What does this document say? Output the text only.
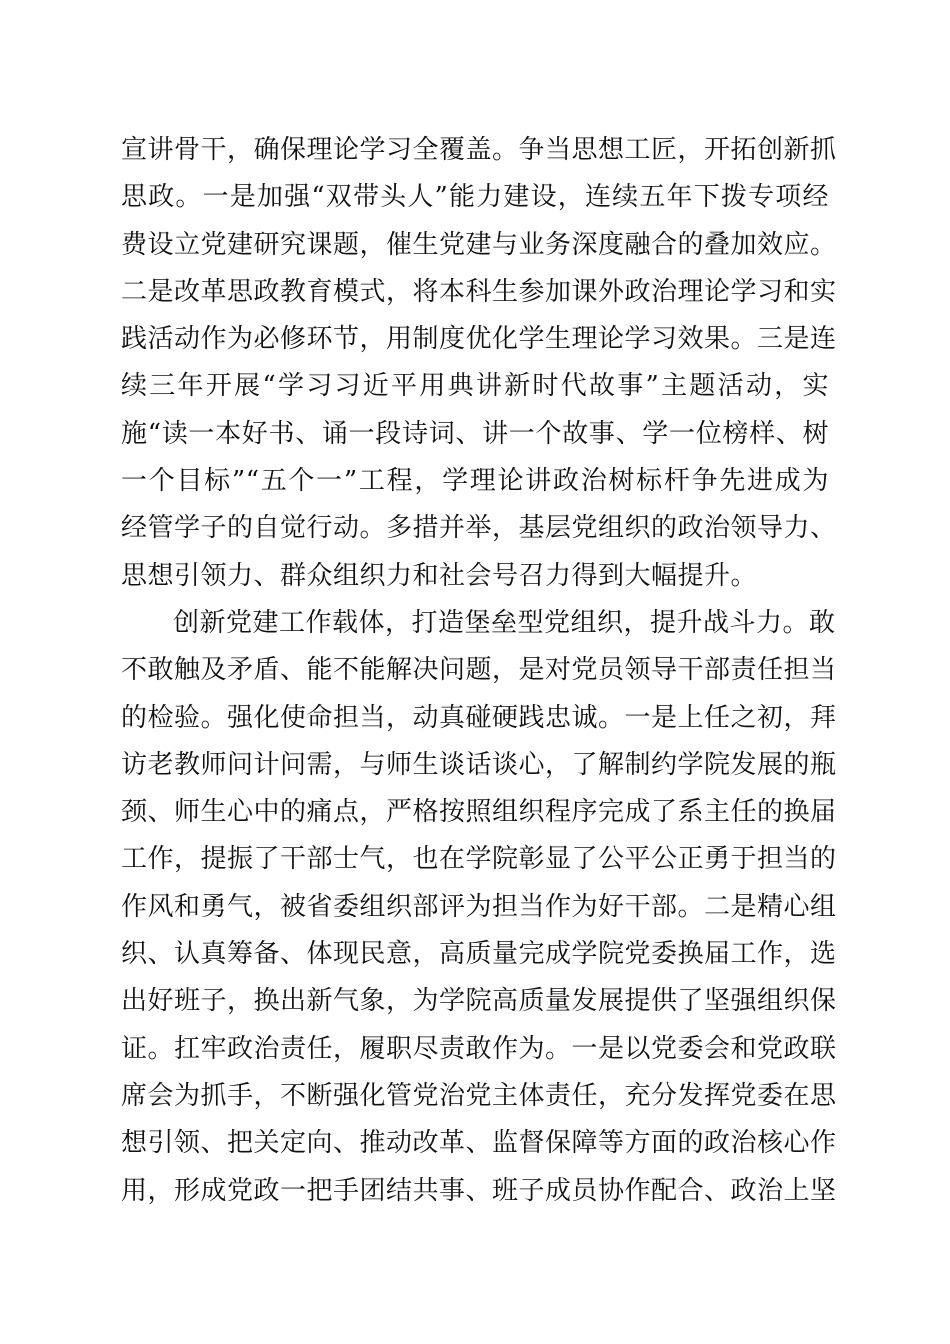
宣讲骨干，确保理论学习全覆盖。争当思想工匠，开拓创新抓
思政。一是加强“双带头人”能力建设，连续五年下拨专项经
费设立党建研究课题，催生党建与业务深度融合的叠加效应。
二是改革思政教育模式，将本科生参加课外政治理论学习和实
践活动作为必修环节，用制度优化学生理论学习效果。三是连
续三年开展“学习习近平用典讲新时代故事”主题活动，实
施“读一本好书、诵一段诗词、讲一个故事、学一位榜样、树
一个目标”“五个一”工程，学理论讲政治树标杆争先进成为
经管学子的自觉行动。多措并举，基层党组织的政治领导力、
思想引领力、群众组织力和社会号召力得到大幅提升。
创新党建工作载体，打造堡垒型党组织，提升战斗力。敢
不敢触及矛盾、能不能解决问题，是对党员领导干部责任担当
的检验。强化使命担当，动真碰硬践忠诚。一是上任之初，拜
访老教师问计问需，与师生谈话谈心，了解制约学院发展的瓶
颈、师生心中的痛点，严格按照组织程序完成了系主任的换届
工作，提振了干部士气，也在学院彰显了公平公正勇于担当的
作风和勇气，被省委组织部评为担当作为好干部。二是精心组
织、认真筹备、体现民意，高质量完成学院党委换届工作，选
出好班子，换出新气象，为学院高质量发展提供了坚强组织保
证。扛牢政治责任，履职尽责敢作为。一是以党委会和党政联
席会为抓手，不断强化管党治党主体责任，充分发挥党委在思
想引领、把关定向、推动改革、监督保障等方面的政治核心作
用，形成党政一把手团结共事、班子成员协作配合、政治上坚
